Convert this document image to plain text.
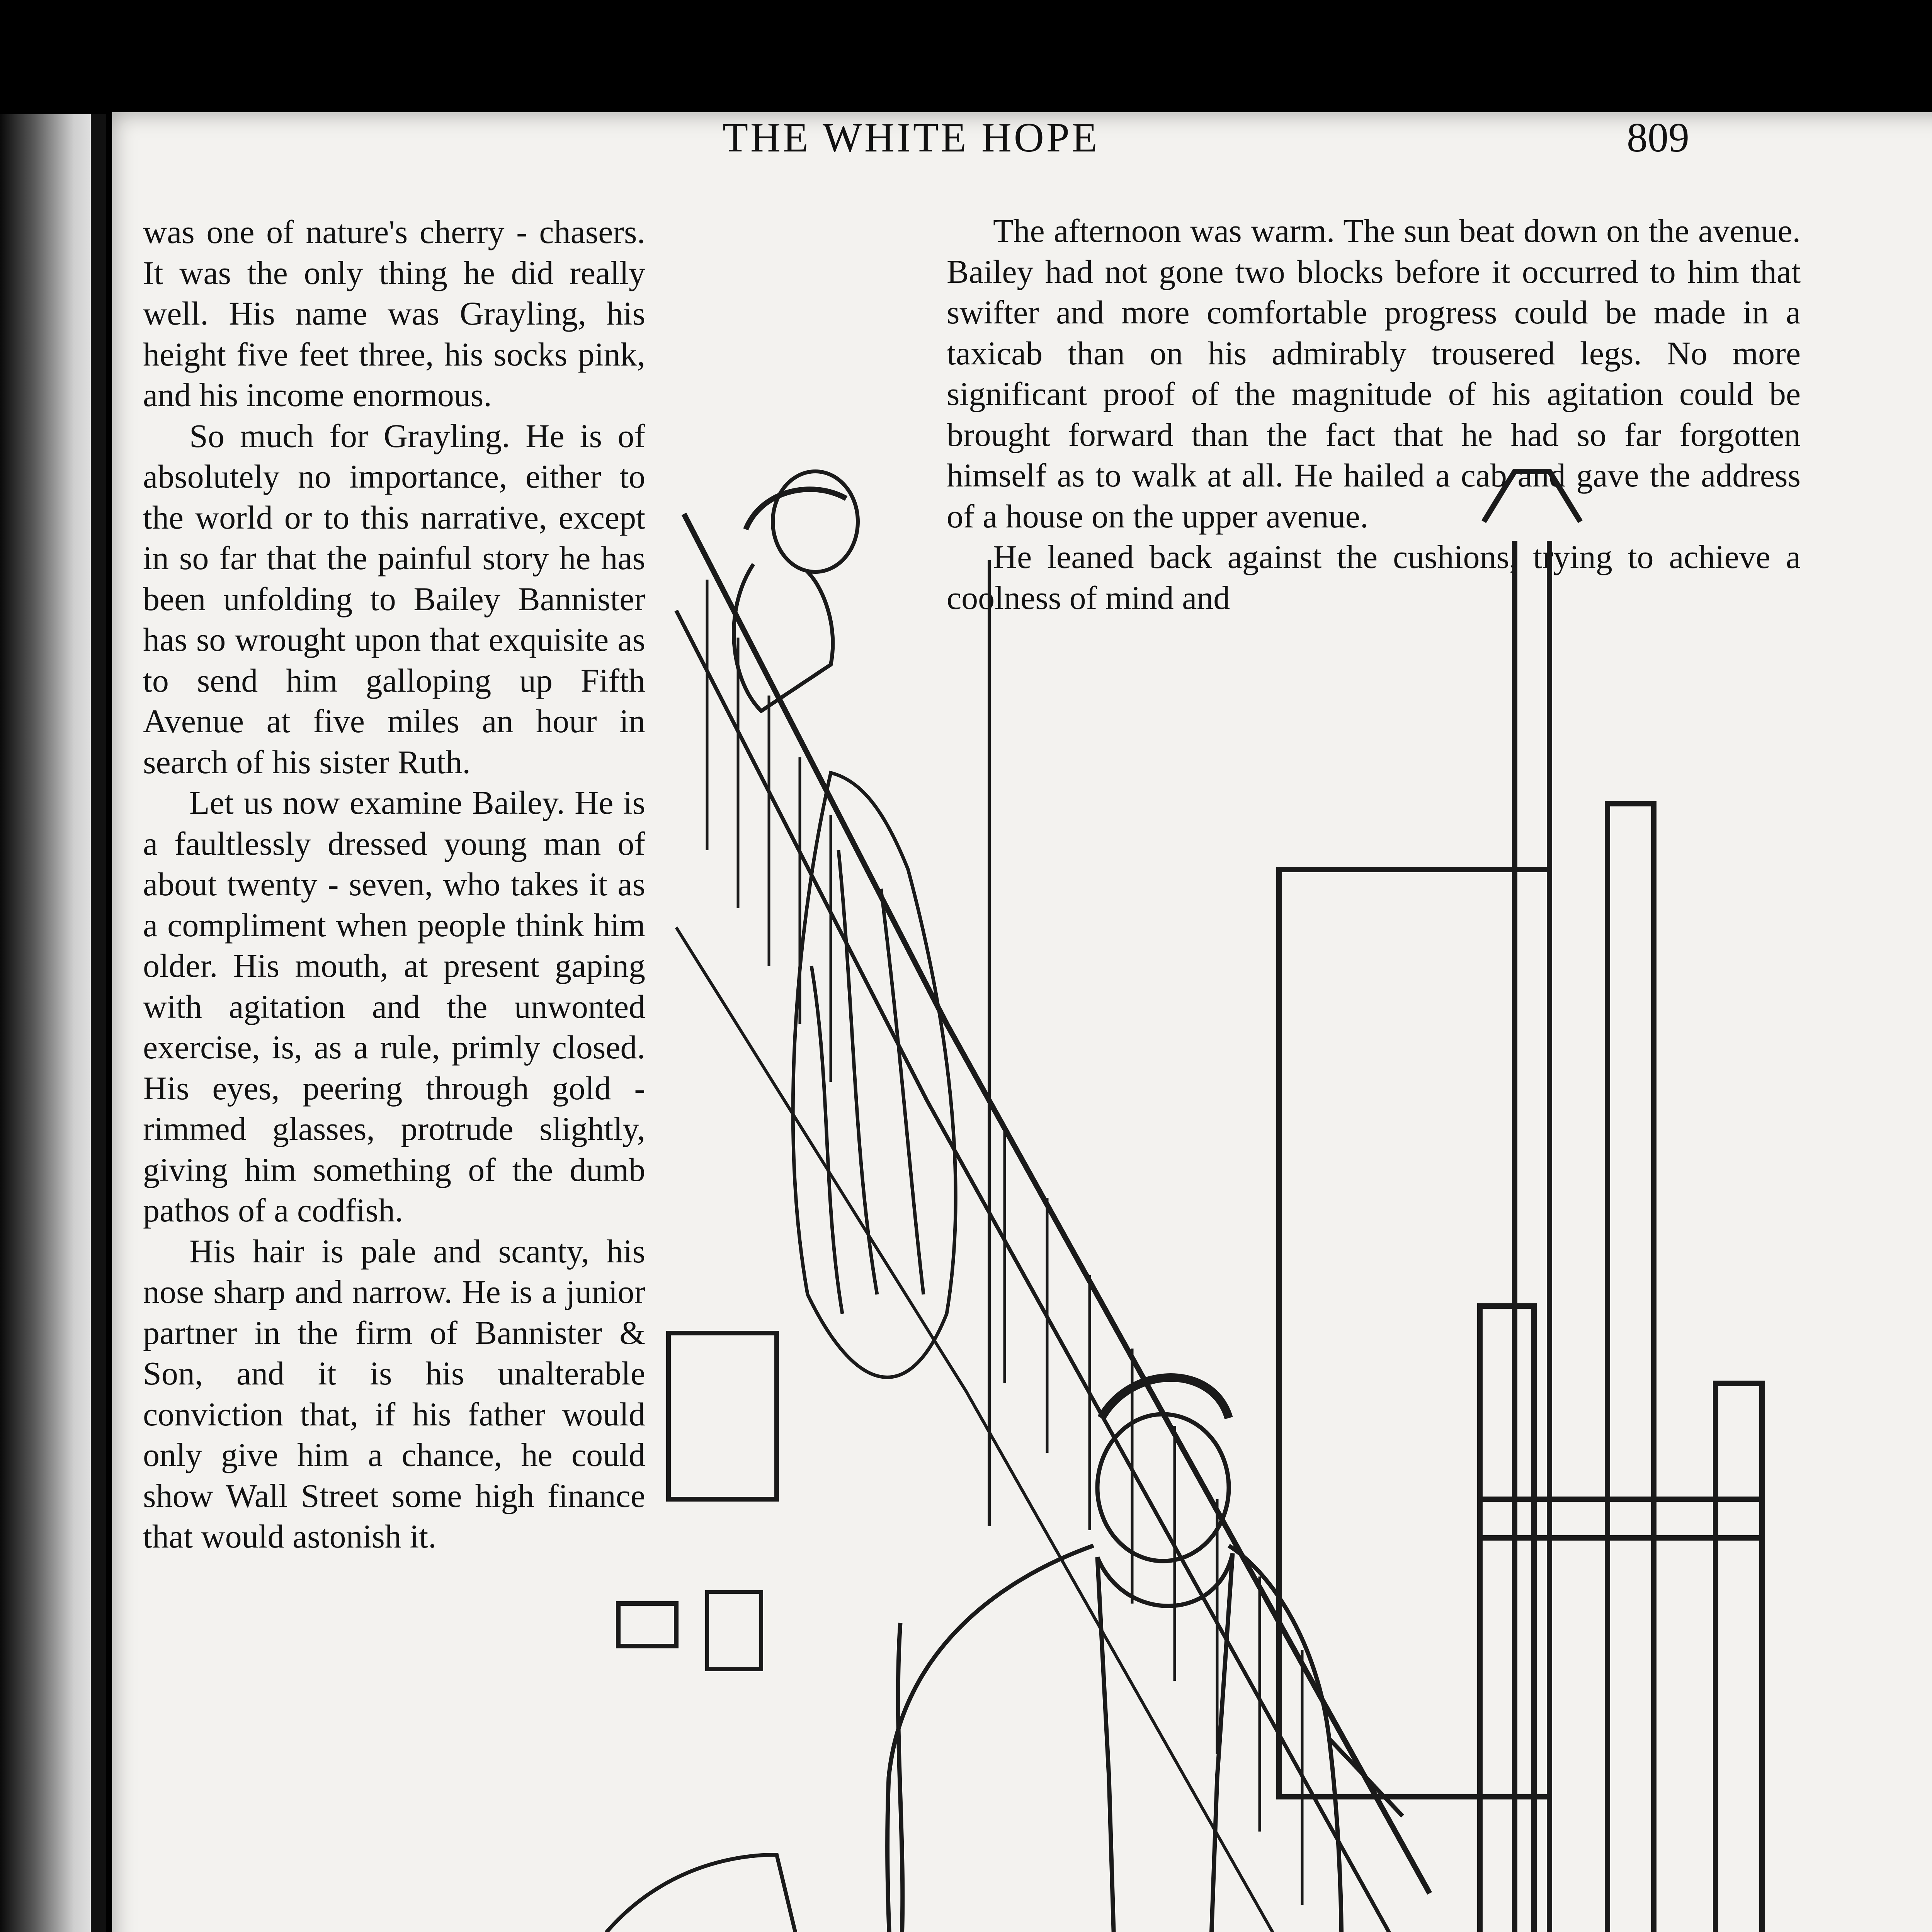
THE WHITE HOPE	809

was one of nature's cherry - chasers. It was the only thing he did really well. His name was Grayling, his height five feet three, his socks pink, and his income enormous.

So much for Grayling. He is of absolutely no importance, either to the world or to this narrative, except in so far that the painful story he has been unfolding to Bailey Bannister has so wrought upon that exquisite as to send him galloping up Fifth Avenue at five miles an hour in search of his sister Ruth.

Let us now examine Bailey. He is a faultlessly dressed young man of about twenty - seven, who takes it as a compliment when people think him older. His mouth, at present gaping with agitation and the unwonted exercise, is, as a rule, primly closed. His eyes, peering through gold - rimmed glasses, protrude slightly, giving him something of the dumb pathos of a codfish.

His hair is pale and scanty, his nose sharp and narrow. He is a junior partner in the firm of Bannister & Son, and it is his unalterable conviction that, if his father would only give him a chance, he could show Wall Street some high finance that would astonish it.

The afternoon was warm. The sun beat down on the avenue. Bailey had not gone two blocks before it occurred to him that swifter and more comfortable progress could be made in a taxicab than on his admirably trousered legs. No more significant proof of the magnitude of his agitation could be brought forward than the fact that he had so far forgotten himself as to walk at all. He hailed a cab and gave the address of a house on the upper avenue.

He leaned back against the cushions, trying to achieve a coolness of mind and
